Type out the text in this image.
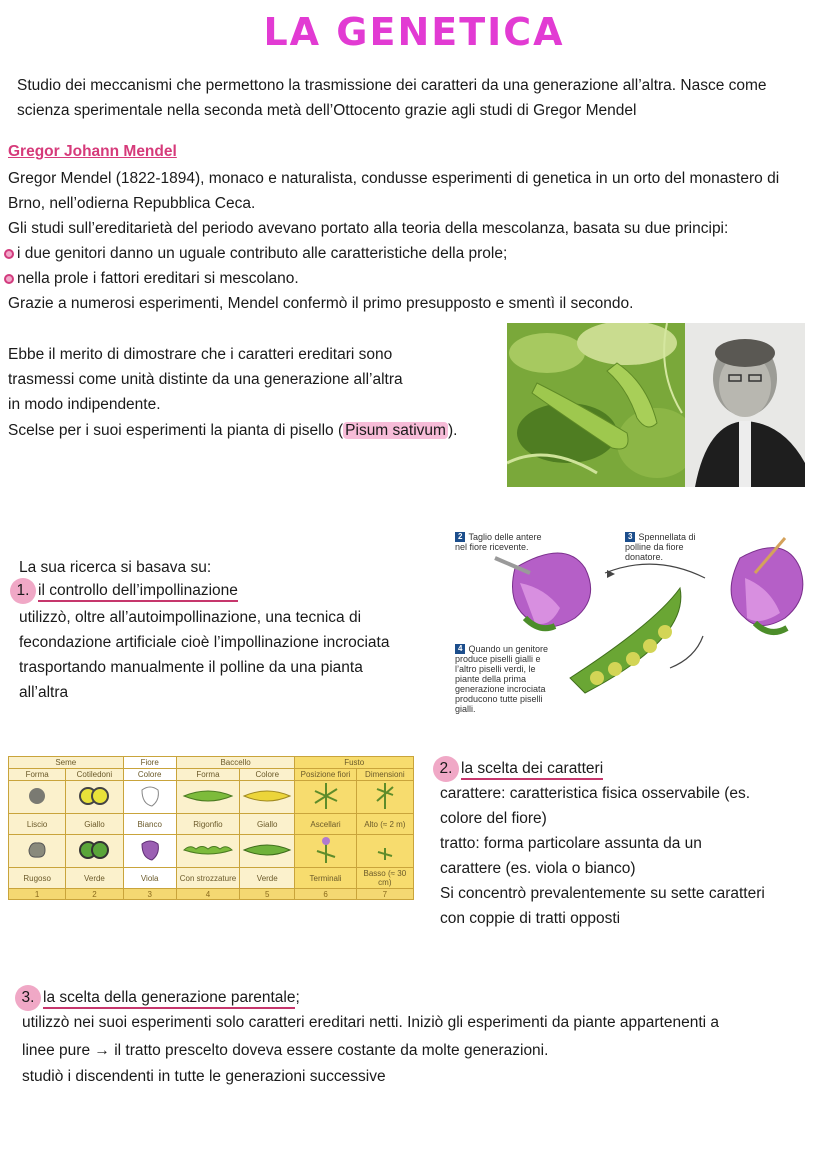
LA GENETICA

Studio dei meccanismi che permettono la trasmissione dei caratteri da una generazione all’altra. Nasce come scienza sperimentale nella seconda metà dell’Ottocento grazie agli studi di Gregor Mendel

Gregor Johann Mendel

Gregor Mendel (1822-1894), monaco e naturalista, condusse esperimenti di genetica in un orto del monastero di Brno, nell’odierna Repubblica Ceca.

Gli studi sull’ereditarietà del periodo avevano portato alla teoria della mescolanza, basata su due principi:

i due genitori danno un uguale contributo alle caratteristiche della prole;

nella prole i fattori ereditari si mescolano.

Grazie a numerosi esperimenti, Mendel confermò il primo presupposto e smentì il secondo.

Ebbe il merito di dimostrare che i caratteri ereditari sono

trasmessi come unità distinte da una generazione all’altra

in modo indipendente.

Scelse per i suoi esperimenti la pianta di pisello ( Pisum sativum ).

La sua ricerca si basava su:

1. il controllo dell’impollinazione

utilizzò, oltre all’autoimpollinazione, una tecnica di

fecondazione artificiale cioè l’impollinazione incrociata

trasportando manualmente il polline da una pianta

all’altra

2 Taglio delle antere nel fiore ricevente.
3 Spennellata di polline da fiore donatore.
4 Quando un genitore produce piselli gialli e l’altro piselli verdi, le piante della prima generazione incrociata producono tutte piselli gialli.
Seme		Fiore	Baccello		Fusto	
Forma	Cotiledoni	Colore	Forma	Colore	Posizione fiori	Dimensioni

Liscio	Giallo	Bianco	Rigonfio	Giallo	Ascellari	Alto (≈ 2 m)

Rugoso	Verde	Viola	Con strozzature	Verde	Terminali	Basso (≈ 30 cm)
1	2	3	4	5	6	7

2. la scelta dei caratteri

carattere: caratteristica fisica osservabile (es.

colore del fiore)

tratto: forma particolare assunta da un

carattere (es. viola o bianco)

Si concentrò prevalentemente su sette caratteri

con coppie di tratti opposti

3. la scelta della generazione parentale;

utilizzò nei suoi esperimenti solo caratteri ereditari netti. Iniziò gli esperimenti da piante appartenenti a

linee pure → il tratto prescelto doveva essere costante da molte generazioni.

studiò i discendenti in tutte le generazioni successive
